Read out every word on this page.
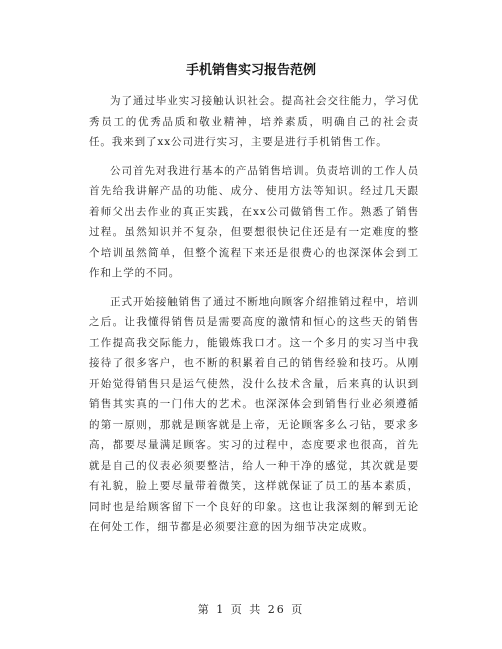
手机销售实习报告范例

为了通过毕业实习接触认识社会。提高社会交往能力，学习优秀员工的优秀品质和敬业精神，培养素质，明确自己的社会责任。我来到了xx公司进行实习，主要是进行手机销售工作。

公司首先对我进行基本的产品销售培训。负责培训的工作人员首先给我讲解产品的功能、成分、使用方法等知识。经过几天跟着师父出去作业的真正实践，在xx公司做销售工作。熟悉了销售过程。虽然知识并不复杂，但要想很快记住还是有一定难度的整个培训虽然简单，但整个流程下来还是很费心的也深深体会到工作和上学的不同。

正式开始接触销售了通过不断地向顾客介绍推销过程中，培训之后。让我懂得销售员是需要高度的激情和恒心的这些天的销售工作提高我交际能力，能锻炼我口才。这一个多月的实习当中我接待了很多客户，也不断的积累着自己的销售经验和技巧。从刚开始觉得销售只是运气使然，没什么技术含量，后来真的认识到销售其实真的一门伟大的艺术。也深深体会到销售行业必须遵循的第一原则，那就是顾客就是上帝，无论顾客多么刁钻，要求多高，都要尽量满足顾客。实习的过程中，态度要求也很高，首先就是自己的仪表必须要整洁，给人一种干净的感觉，其次就是要有礼貌，脸上要尽量带着微笑，这样就保证了员工的基本素质，同时也是给顾客留下一个良好的印象。这也让我深刻的解到无论在何处工作，细节都是必须要注意的因为细节决定成败。

第 1 页 共 26 页
